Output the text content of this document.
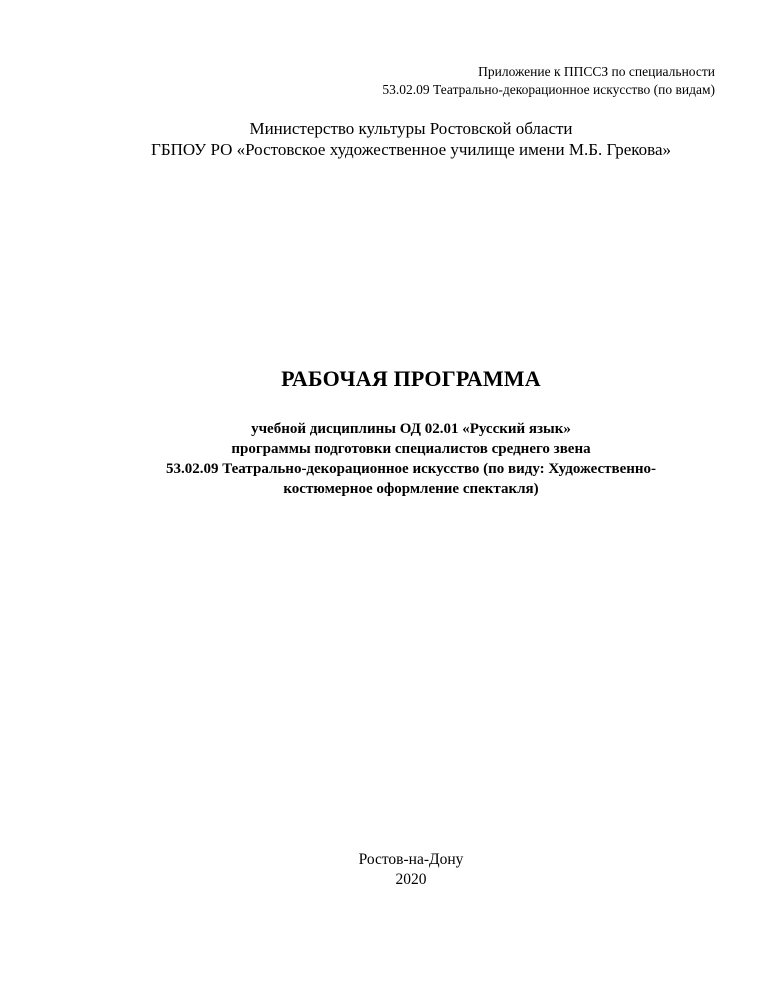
Приложение к ППССЗ по специальности
53.02.09 Театрально-декорационное искусство (по видам)
Министерство культуры Ростовской области
ГБПОУ РО «Ростовское художественное училище имени М.Б. Грекова»
РАБОЧАЯ ПРОГРАММА
учебной дисциплины ОД 02.01 «Русский язык»
программы подготовки специалистов среднего звена
53.02.09 Театрально-декорационное искусство (по виду: Художественно-
костюмерное оформление спектакля)
Ростов-на-Дону
2020
